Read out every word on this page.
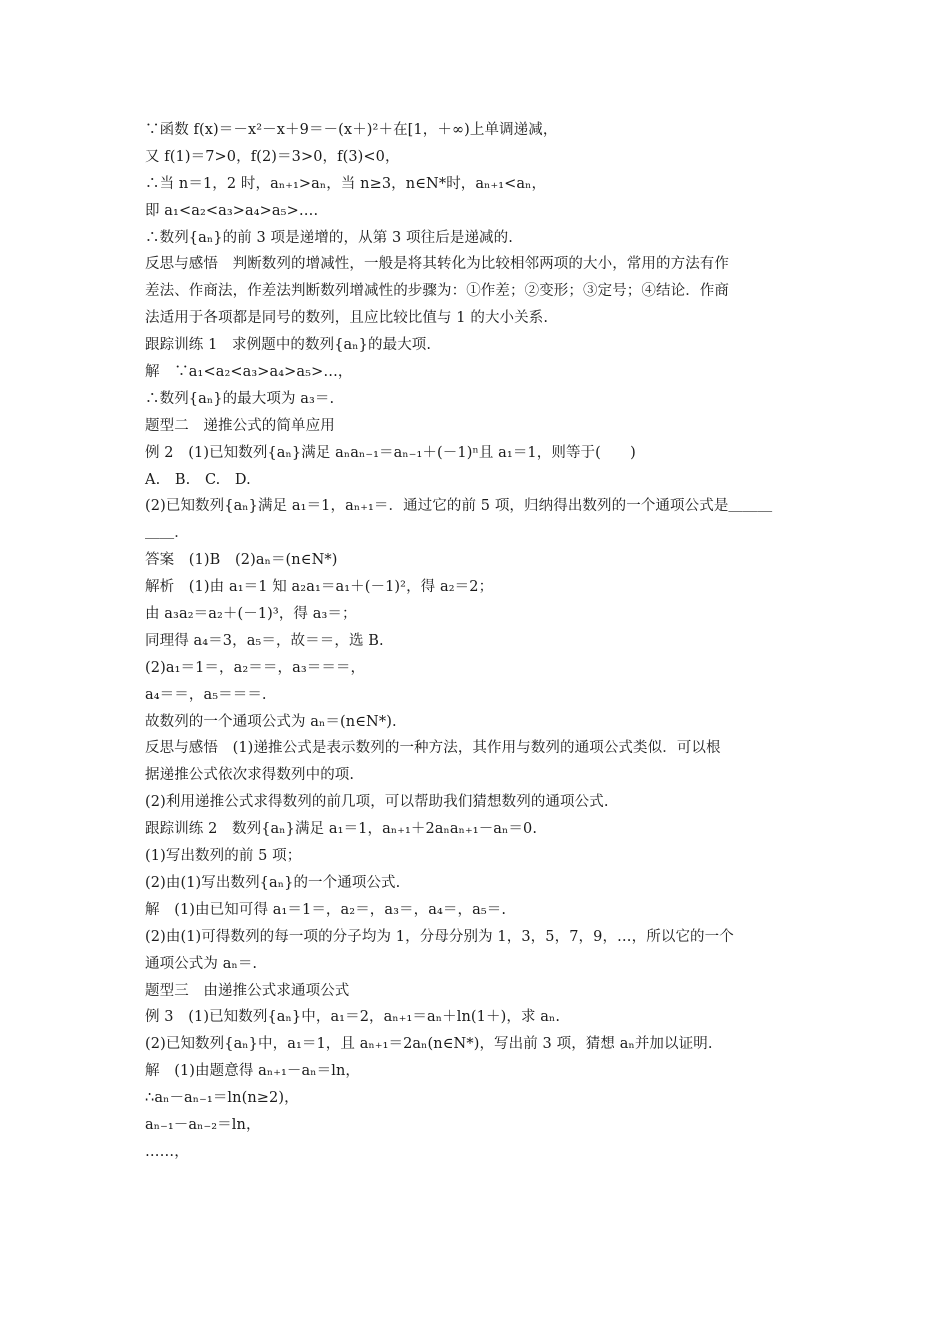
∵函数 f(x)＝－x²－x＋9＝－(x＋)²＋在[1，＋∞)上单调递减，
又 f(1)＝7>0，f(2)＝3>0，f(3)<0，
∴当 n＝1，2 时，aₙ₊₁>aₙ，当 n≥3，n∈N*时，aₙ₊₁<aₙ，
即 a₁<a₂<a₃>a₄>a₅>….
∴数列{aₙ}的前 3 项是递增的，从第 3 项往后是递减的.
反思与感悟　判断数列的增减性，一般是将其转化为比较相邻两项的大小，常用的方法有作
差法、作商法，作差法判断数列增减性的步骤为：①作差；②变形；③定号；④结论．作商
法适用于各项都是同号的数列，且应比较比值与 1 的大小关系.
跟踪训练 1　求例题中的数列{aₙ}的最大项.
解　∵a₁<a₂<a₃>a₄>a₅>…，
∴数列{aₙ}的最大项为 a₃＝.
题型二　递推公式的简单应用
例 2　(1)已知数列{aₙ}满足 aₙaₙ₋₁＝aₙ₋₁＋(－1)ⁿ且 a₁＝1，则等于(　　)
A.　B.　C.　D.
(2)已知数列{aₙ}满足 a₁＝1，aₙ₊₁＝．通过它的前 5 项，归纳得出数列的一个通项公式是＿＿＿
＿＿．
答案　(1)B　(2)aₙ＝(n∈N*)
解析　(1)由 a₁＝1 知 a₂a₁＝a₁＋(－1)²，得 a₂＝2；
由 a₃a₂＝a₂＋(－1)³，得 a₃＝；
同理得 a₄＝3，a₅＝，故＝＝，选 B.
(2)a₁＝1＝，a₂＝＝，a₃＝＝＝，
a₄＝＝，a₅＝＝＝.
故数列的一个通项公式为 aₙ＝(n∈N*).
反思与感悟　(1)递推公式是表示数列的一种方法，其作用与数列的通项公式类似．可以根
据递推公式依次求得数列中的项.
(2)利用递推公式求得数列的前几项，可以帮助我们猜想数列的通项公式.
跟踪训练 2　数列{aₙ}满足 a₁＝1，aₙ₊₁＋2aₙaₙ₊₁－aₙ＝0.
(1)写出数列的前 5 项；
(2)由(1)写出数列{aₙ}的一个通项公式.
解　(1)由已知可得 a₁＝1＝，a₂＝，a₃＝，a₄＝，a₅＝.
(2)由(1)可得数列的每一项的分子均为 1，分母分别为 1，3，5，7，9，…，所以它的一个
通项公式为 aₙ＝.
题型三　由递推公式求通项公式
例 3　(1)已知数列{aₙ}中，a₁＝2，aₙ₊₁＝aₙ＋ln(1＋)，求 aₙ.
(2)已知数列{aₙ}中，a₁＝1，且 aₙ₊₁＝2aₙ(n∈N*)，写出前 3 项，猜想 aₙ并加以证明.
解　(1)由题意得 aₙ₊₁－aₙ＝ln，
∴aₙ－aₙ₋₁＝ln(n≥2)，
aₙ₋₁－aₙ₋₂＝ln，
……，
